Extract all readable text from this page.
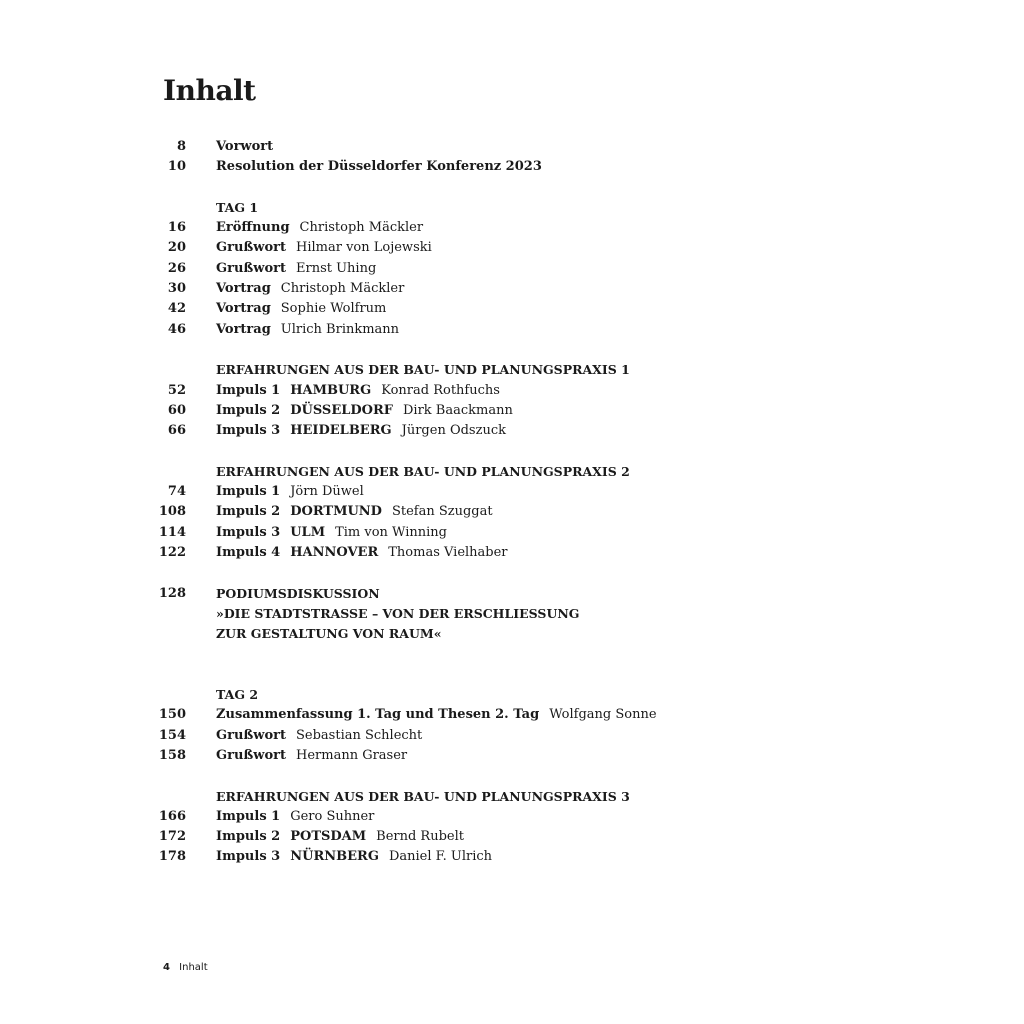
Inhalt
8 Vorwort
10 Resolution der Düsseldorfer Konferenz 2023
TAG 1
16 Eröffnung Christoph Mäckler
20 Grußwort Hilmar von Lojewski
26 Grußwort Ernst Uhing
30 Vortrag Christoph Mäckler
42 Vortrag Sophie Wolfrum
46 Vortrag Ulrich Brinkmann
ERFAHRUNGEN AUS DER BAU- UND PLANUNGSPRAXIS 1
52 Impuls 1 HAMBURG Konrad Rothfuchs
60 Impuls 2 DÜSSELDORF Dirk Baackmann
66 Impuls 3 HEIDELBERG Jürgen Odszuck
ERFAHRUNGEN AUS DER BAU- UND PLANUNGSPRAXIS 2
74 Impuls 1 Jörn Düwel
108 Impuls 2 DORTMUND Stefan Szuggat
114 Impuls 3 ULM Tim von Winning
122 Impuls 4 HANNOVER Thomas Vielhaber
128 PODIUMSDISKUSSION
»DIE STADTSTRASSE – VON DER ERSCHLIESSUNG
ZUR GESTALTUNG VON RAUM«
TAG 2
150 Zusammenfassung 1. Tag und Thesen 2. Tag Wolfgang Sonne
154 Grußwort Sebastian Schlecht
158 Grußwort Hermann Graser
ERFAHRUNGEN AUS DER BAU- UND PLANUNGSPRAXIS 3
166 Impuls 1 Gero Suhner
172 Impuls 2 POTSDAM Bernd Rubelt
178 Impuls 3 NÜRNBERG Daniel F. Ulrich
4 Inhalt
